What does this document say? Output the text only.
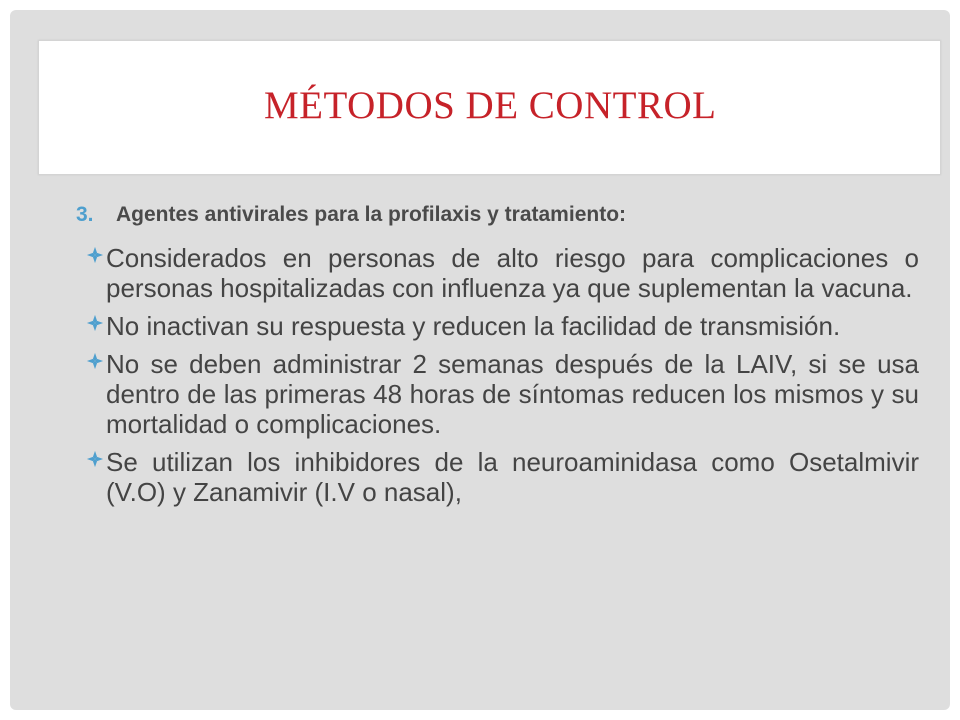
MÉTODOS DE CONTROL
3.	Agentes antivirales para la profilaxis y tratamiento:
Considerados en personas de alto riesgo para complicaciones o personas hospitalizadas con influenza ya que suplementan la vacuna.
No inactivan su respuesta y reducen la facilidad de transmisión.
No se deben administrar 2 semanas después de la LAIV, si se usa dentro de las primeras 48 horas de síntomas reducen los mismos y su mortalidad o complicaciones.
Se utilizan los inhibidores de la neuroaminidasa como Osetalmivir (V.O) y Zanamivir (I.V o nasal),
